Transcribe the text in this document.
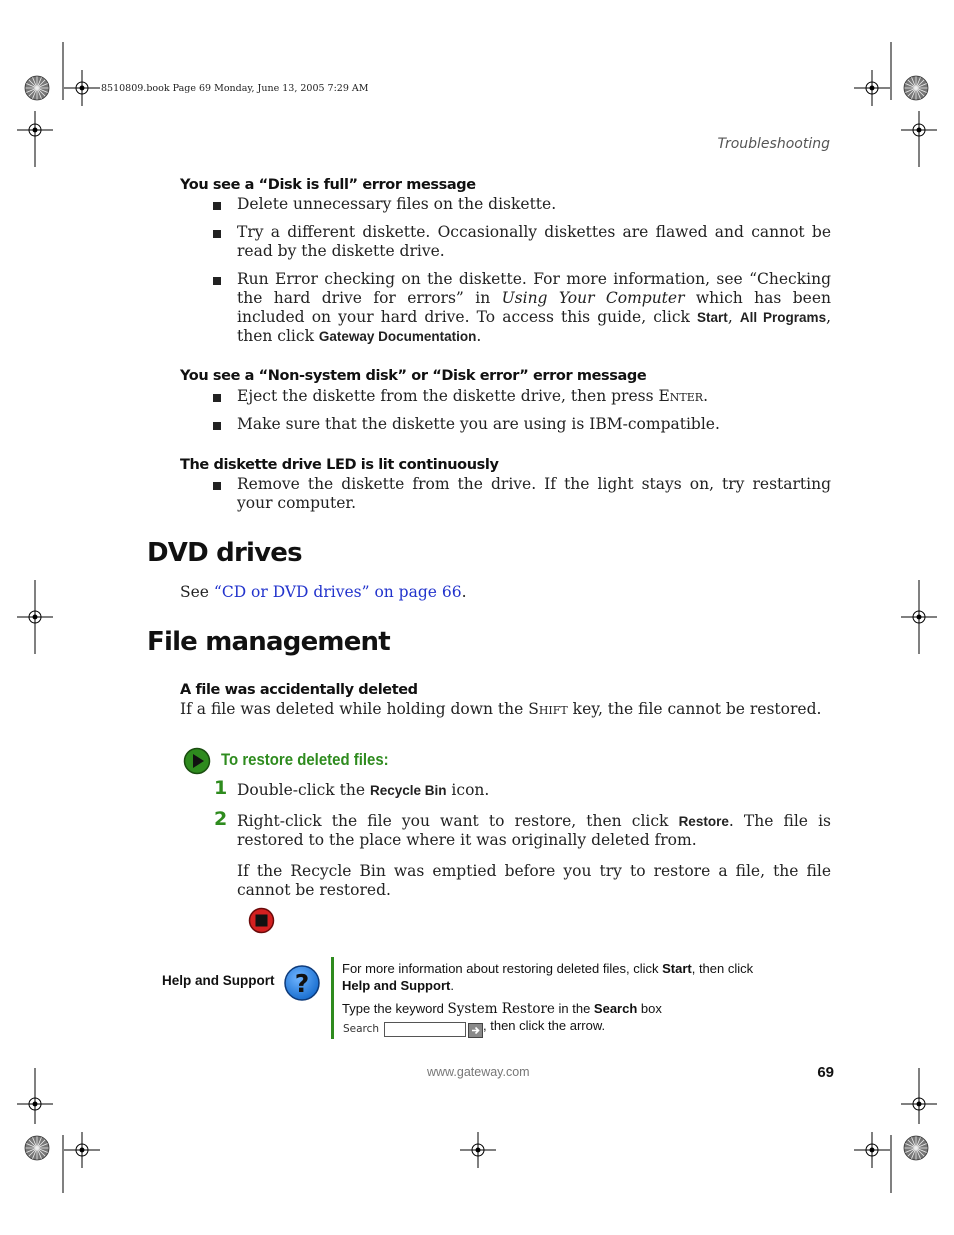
8510809.book Page 69 Monday, June 13, 2005 7:29 AM
Troubleshooting
You see a “Disk is full” error message
Delete unnecessary files on the diskette.
Try a different diskette. Occasionally diskettes are flawed and cannot be read by the diskette drive.
Run Error checking on the diskette. For more information, see “Checking the hard drive for errors” in Using Your Computer which has been included on your hard drive. To access this guide, click Start, All Programs, then click Gateway Documentation.
You see a “Non-system disk” or “Disk error” error message
Eject the diskette from the diskette drive, then press Enter.
Make sure that the diskette you are using is IBM-compatible.
The diskette drive LED is lit continuously
Remove the diskette from the drive. If the light stays on, try restarting your computer.
DVD drives
See “CD or DVD drives” on page 66.
File management
A file was accidentally deleted
If a file was deleted while holding down the Shift key, the file cannot be restored.
To restore deleted files:
1 Double-click the Recycle Bin icon.
2 Right-click the file you want to restore, then click Restore. The file is restored to the place where it was originally deleted from.
If the Recycle Bin was emptied before you try to restore a file, the file cannot be restored.
Help and Support ?
For more information about restoring deleted files, click Start, then click Help and Support.
Type the keyword System Restore in the Search box
Search	, then click the arrow.
www.gateway.com	69
